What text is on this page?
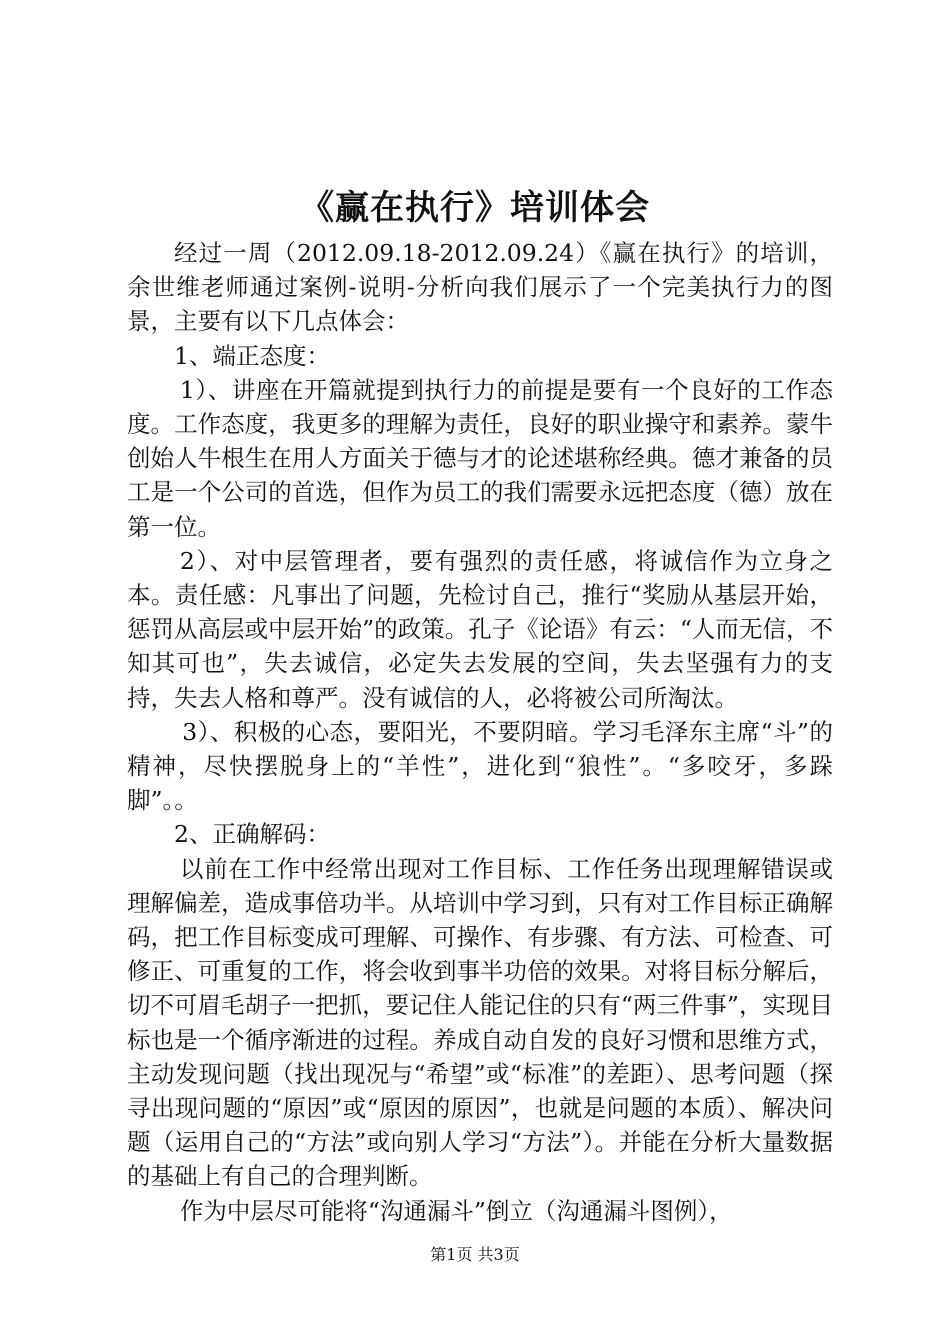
《赢在执行》培训体会

经过一周（2012.09.18-2012.09.24）《赢在执行》的培训，余世维老师通过案例-说明-分析向我们展示了一个完美执行力的图景，主要有以下几点体会：

1、端正态度：

1）、讲座在开篇就提到执行力的前提是要有一个良好的工作态度。工作态度，我更多的理解为责任，良好的职业操守和素养。蒙牛创始人牛根生在用人方面关于德与才的论述堪称经典。德才兼备的员工是一个公司的首选，但作为员工的我们需要永远把态度（德）放在第一位。

2）、对中层管理者，要有强烈的责任感，将诚信作为立身之本。责任感：凡事出了问题，先检讨自己，推行“奖励从基层开始，惩罚从高层或中层开始”的政策。孔子《论语》有云：“人而无信，不知其可也”，失去诚信，必定失去发展的空间，失去坚强有力的支持，失去人格和尊严。没有诚信的人，必将被公司所淘汰。

3）、积极的心态，要阳光，不要阴暗。学习毛泽东主席“斗”的精神，尽快摆脱身上的“羊性”，进化到“狼性”。“多咬牙，多跺脚”。。

2、正确解码：

以前在工作中经常出现对工作目标、工作任务出现理解错误或理解偏差，造成事倍功半。从培训中学习到，只有对工作目标正确解码，把工作目标变成可理解、可操作、有步骤、有方法、可检查、可修正、可重复的工作，将会收到事半功倍的效果。对将目标分解后，切不可眉毛胡子一把抓，要记住人能记住的只有“两三件事”，实现目标也是一个循序渐进的过程。养成自动自发的良好习惯和思维方式，主动发现问题（找出现况与“希望”或“标准”的差距）、思考问题（探寻出现问题的“原因”或“原因的原因”，也就是问题的本质）、解决问题（运用自己的“方法”或向别人学习“方法”）。并能在分析大量数据的基础上有自己的合理判断。

作为中层尽可能将“沟通漏斗”倒立（沟通漏斗图例），

第1页 共3页
